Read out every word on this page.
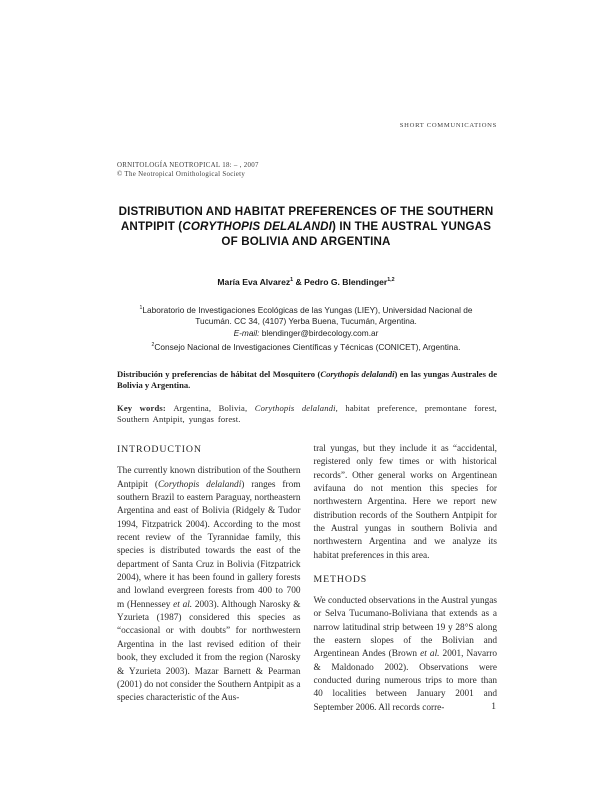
SHORT COMMUNICATIONS
ORNITOLOGÍA NEOTROPICAL 18: – , 2007
© The Neotropical Ornithological Society
DISTRIBUTION AND HABITAT PREFERENCES OF THE SOUTHERN ANTPIPIT (CORYTHOPIS DELALANDI) IN THE AUSTRAL YUNGAS OF BOLIVIA AND ARGENTINA
María Eva Alvarez$^1$ & Pedro G. Blendinger$^{1,2}$
$^1$Laboratorio de Investigaciones Ecológicas de las Yungas (LIEY), Universidad Nacional de
Tucumán. CC 34, (4107) Yerba Buena, Tucumán, Argentina.
E-mail: blendinger@birdecology.com.ar
$^2$Consejo Nacional de Investigaciones Científicas y Técnicas (CONICET), Argentina.

Distribución y preferencias de hábitat del Mosquitero (Corythopis delalandi) en las yungas Australes de Bolivia y Argentina.

Key words: Argentina, Bolivia, Corythopis delalandi, habitat preference, premontane forest, Southern Antpipit, yungas forest.

INTRODUCTION

The currently known distribution of the Southern Antpipit (Corythopis delalandi) ranges from southern Brazil to eastern Paraguay, northeastern Argentina and east of Bolivia (Ridgely & Tudor 1994, Fitzpatrick 2004). According to the most recent review of the Tyrannidae family, this species is distributed towards the east of the department of Santa Cruz in Bolivia (Fitzpatrick 2004), where it has been found in gallery forests and lowland evergreen forests from 400 to 700 m (Hennessey et al. 2003). Although Narosky & Yzurieta (1987) considered this species as “occasional or with doubts” for northwestern Argentina in the last revised edition of their book, they excluded it from the region (Narosky & Yzurieta 2003). Mazar Barnett & Pearman (2001) do not consider the Southern Antpipit as a species characteristic of the Aus-

tral yungas, but they include it as “accidental, registered only few times or with historical records”. Other general works on Argentinean avifauna do not mention this species for northwestern Argentina. Here we report new distribution records of the Southern Antpipit for the Austral yungas in southern Bolivia and northwestern Argentina and we analyze its habitat preferences in this area.

METHODS

We conducted observations in the Austral yungas or Selva Tucumano-Boliviana that extends as a narrow latitudinal strip between 19 y 28°S along the eastern slopes of the Bolivian and Argentinean Andes (Brown et al. 2001, Navarro & Maldonado 2002). Observations were conducted during numerous trips to more than 40 localities between January 2001 and September 2006. All records corre-	1
